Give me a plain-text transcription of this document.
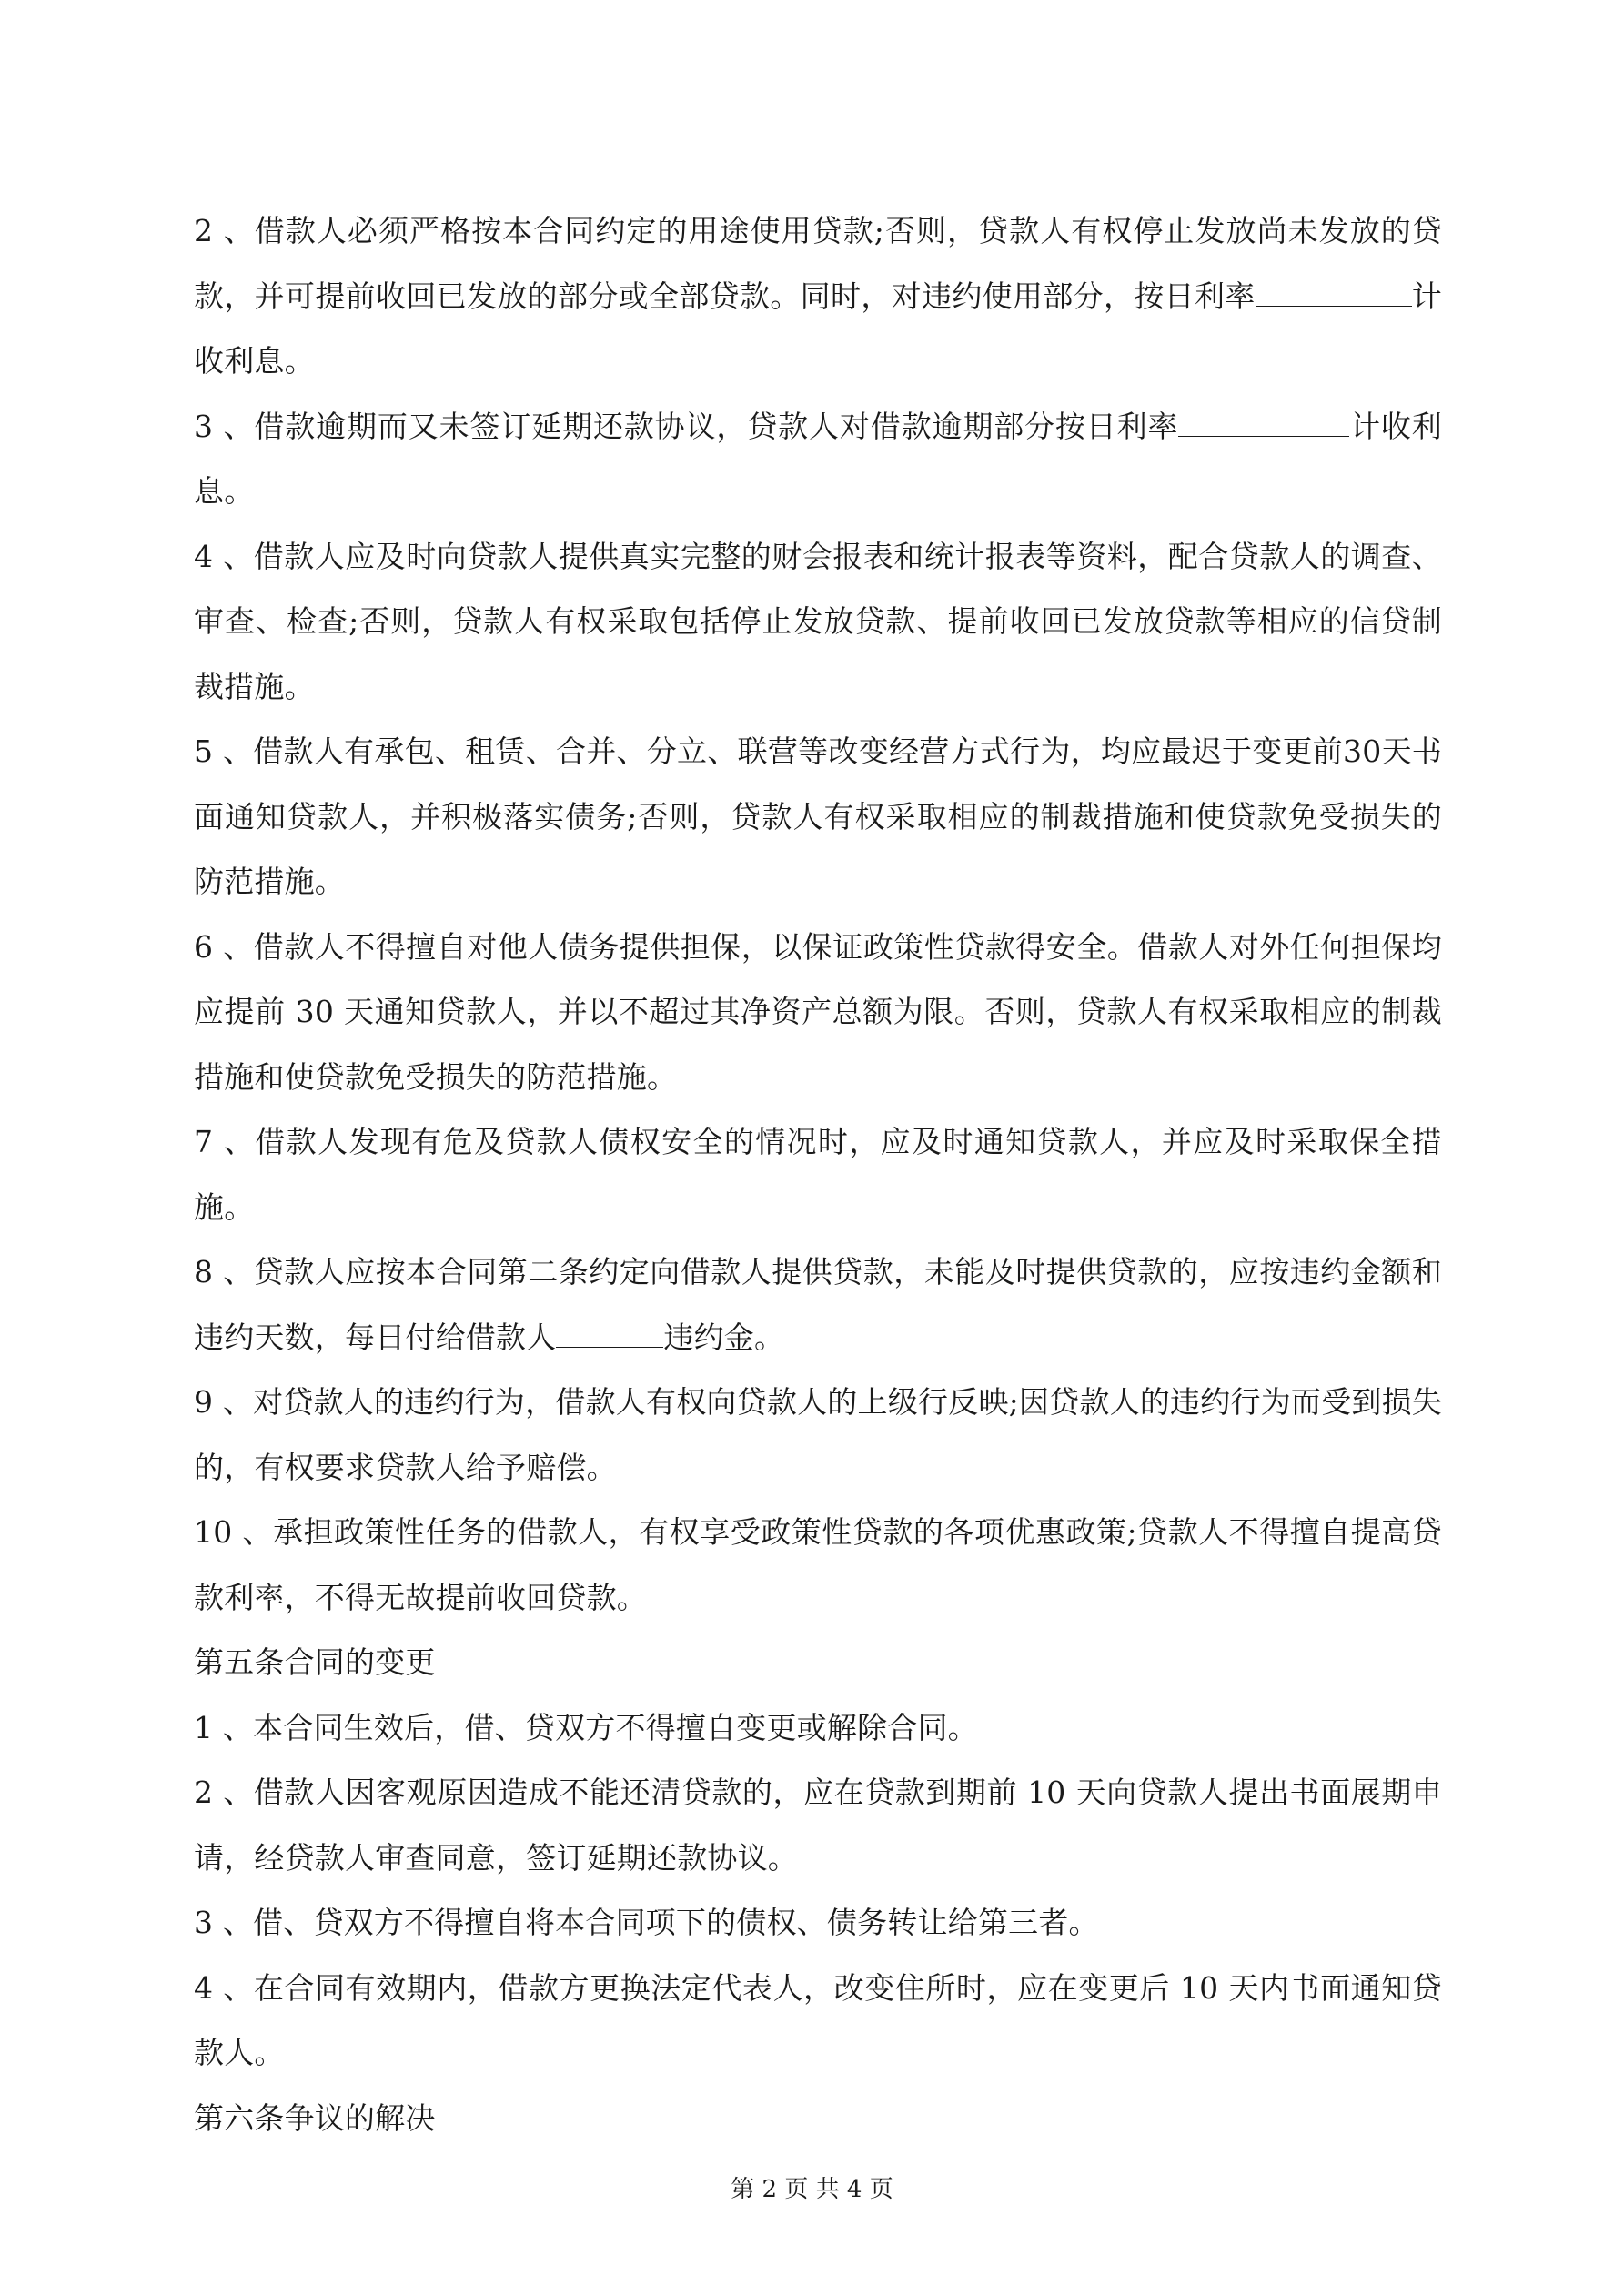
2 、借款人必须严格按本合同约定的用途使用贷款;否则，贷款人有权停止发放尚未发放的贷款，并可提前收回已发放的部分或全部贷款。同时，对违约使用部分，按日利率	计收利息。

3 、借款逾期而又未签订延期还款协议，贷款人对借款逾期部分按日利率	计收利息。

4 、借款人应及时向贷款人提供真实完整的财会报表和统计报表等资料，配合贷款人的调查、审查、检查;否则，贷款人有权采取包括停止发放贷款、提前收回已发放贷款等相应的信贷制裁措施。

5 、借款人有承包、租赁、合并、分立、联营等改变经营方式行为，均应最迟于变更前30天书面通知贷款人，并积极落实债务;否则，贷款人有权采取相应的制裁措施和使贷款免受损失的防范措施。

6 、借款人不得擅自对他人债务提供担保，以保证政策性贷款得安全。借款人对外任何担保均应提前 30 天通知贷款人，并以不超过其净资产总额为限。否则，贷款人有权采取相应的制裁措施和使贷款免受损失的防范措施。

7 、借款人发现有危及贷款人债权安全的情况时，应及时通知贷款人，并应及时采取保全措施。

8 、贷款人应按本合同第二条约定向借款人提供贷款，未能及时提供贷款的，应按违约金额和违约天数，每日付给借款人	违约金。

9 、对贷款人的违约行为，借款人有权向贷款人的上级行反映;因贷款人的违约行为而受到损失的，有权要求贷款人给予赔偿。

10 、承担政策性任务的借款人，有权享受政策性贷款的各项优惠政策;贷款人不得擅自提高贷款利率，不得无故提前收回贷款。

第五条合同的变更

1 、本合同生效后，借、贷双方不得擅自变更或解除合同。

2 、借款人因客观原因造成不能还清贷款的，应在贷款到期前 10 天向贷款人提出书面展期申请，经贷款人审查同意，签订延期还款协议。

3 、借、贷双方不得擅自将本合同项下的债权、债务转让给第三者。

4 、在合同有效期内，借款方更换法定代表人，改变住所时，应在变更后 10 天内书面通知贷款人。

第六条争议的解决

第 2 页 共 4 页
